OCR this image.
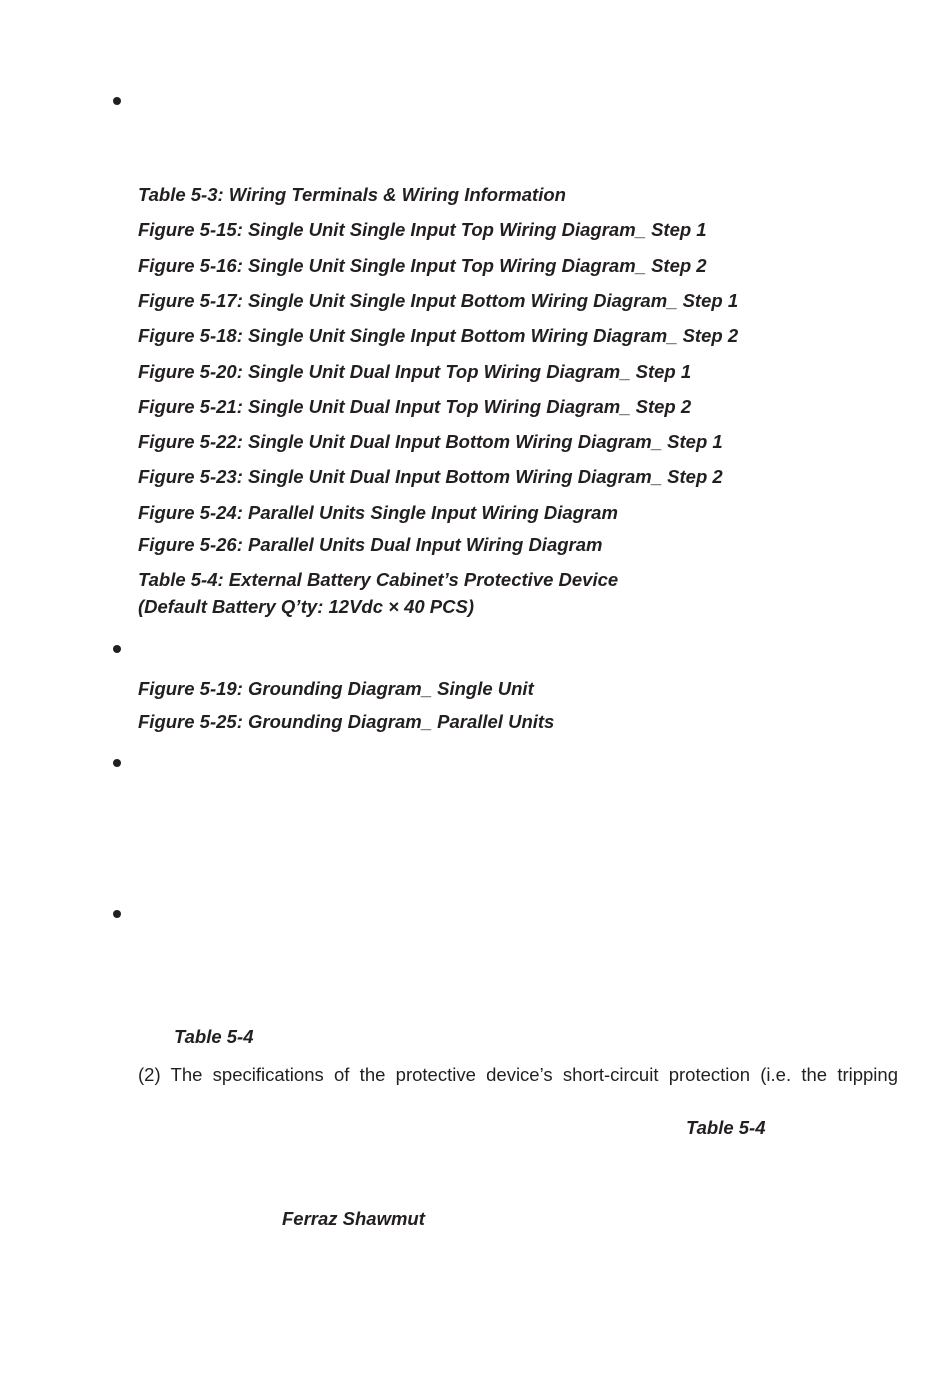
Table 5-3: Wiring Terminals & Wiring Information
Figure 5-15: Single Unit Single Input Top Wiring Diagram_ Step 1
Figure 5-16: Single Unit Single Input Top Wiring Diagram_ Step 2
Figure 5-17: Single Unit Single Input Bottom Wiring Diagram_ Step 1
Figure 5-18: Single Unit Single Input Bottom Wiring Diagram_ Step 2
Figure 5-20: Single Unit Dual Input Top Wiring Diagram_ Step 1
Figure 5-21: Single Unit Dual Input Top Wiring Diagram_ Step 2
Figure 5-22: Single Unit Dual Input Bottom Wiring Diagram_ Step 1
Figure 5-23: Single Unit Dual Input Bottom Wiring Diagram_ Step 2
Figure 5-24: Parallel Units Single Input Wiring Diagram
Figure 5-26: Parallel Units Dual Input Wiring Diagram
Table 5-4: External Battery Cabinet’s Protective Device
(Default Battery Q’ty: 12Vdc × 40 PCS)
Figure 5-19: Grounding Diagram_ Single Unit
Figure 5-25: Grounding Diagram_ Parallel Units
Table 5-4
(2) The specifications of the protective device’s short-circuit protection (i.e. the tripping
Table 5-4
Ferraz Shawmut
